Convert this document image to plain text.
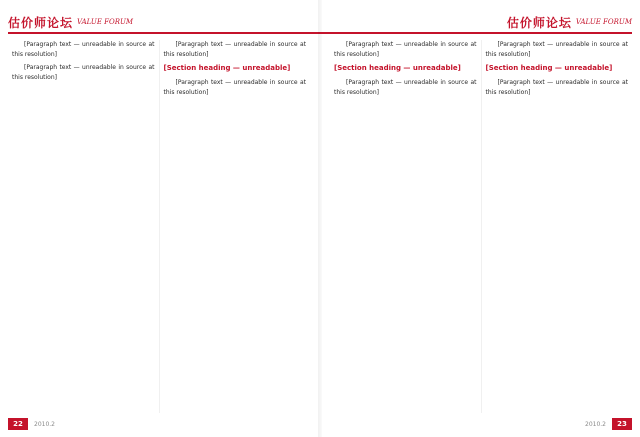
估价师论坛 VALUE FORUM

[Paragraph text — unreadable in source at this resolution]

[Paragraph text — unreadable in source at this resolution]

[Paragraph text — unreadable in source at this resolution]

[Section heading — unreadable]

[Paragraph text — unreadable in source at this resolution]

22	2010.2
估价师论坛 VALUE FORUM

[Paragraph text — unreadable in source at this resolution]

[Section heading — unreadable]

[Paragraph text — unreadable in source at this resolution]

[Paragraph text — unreadable in source at this resolution]

[Section heading — unreadable]

[Paragraph text — unreadable in source at this resolution]

2010.2	23
